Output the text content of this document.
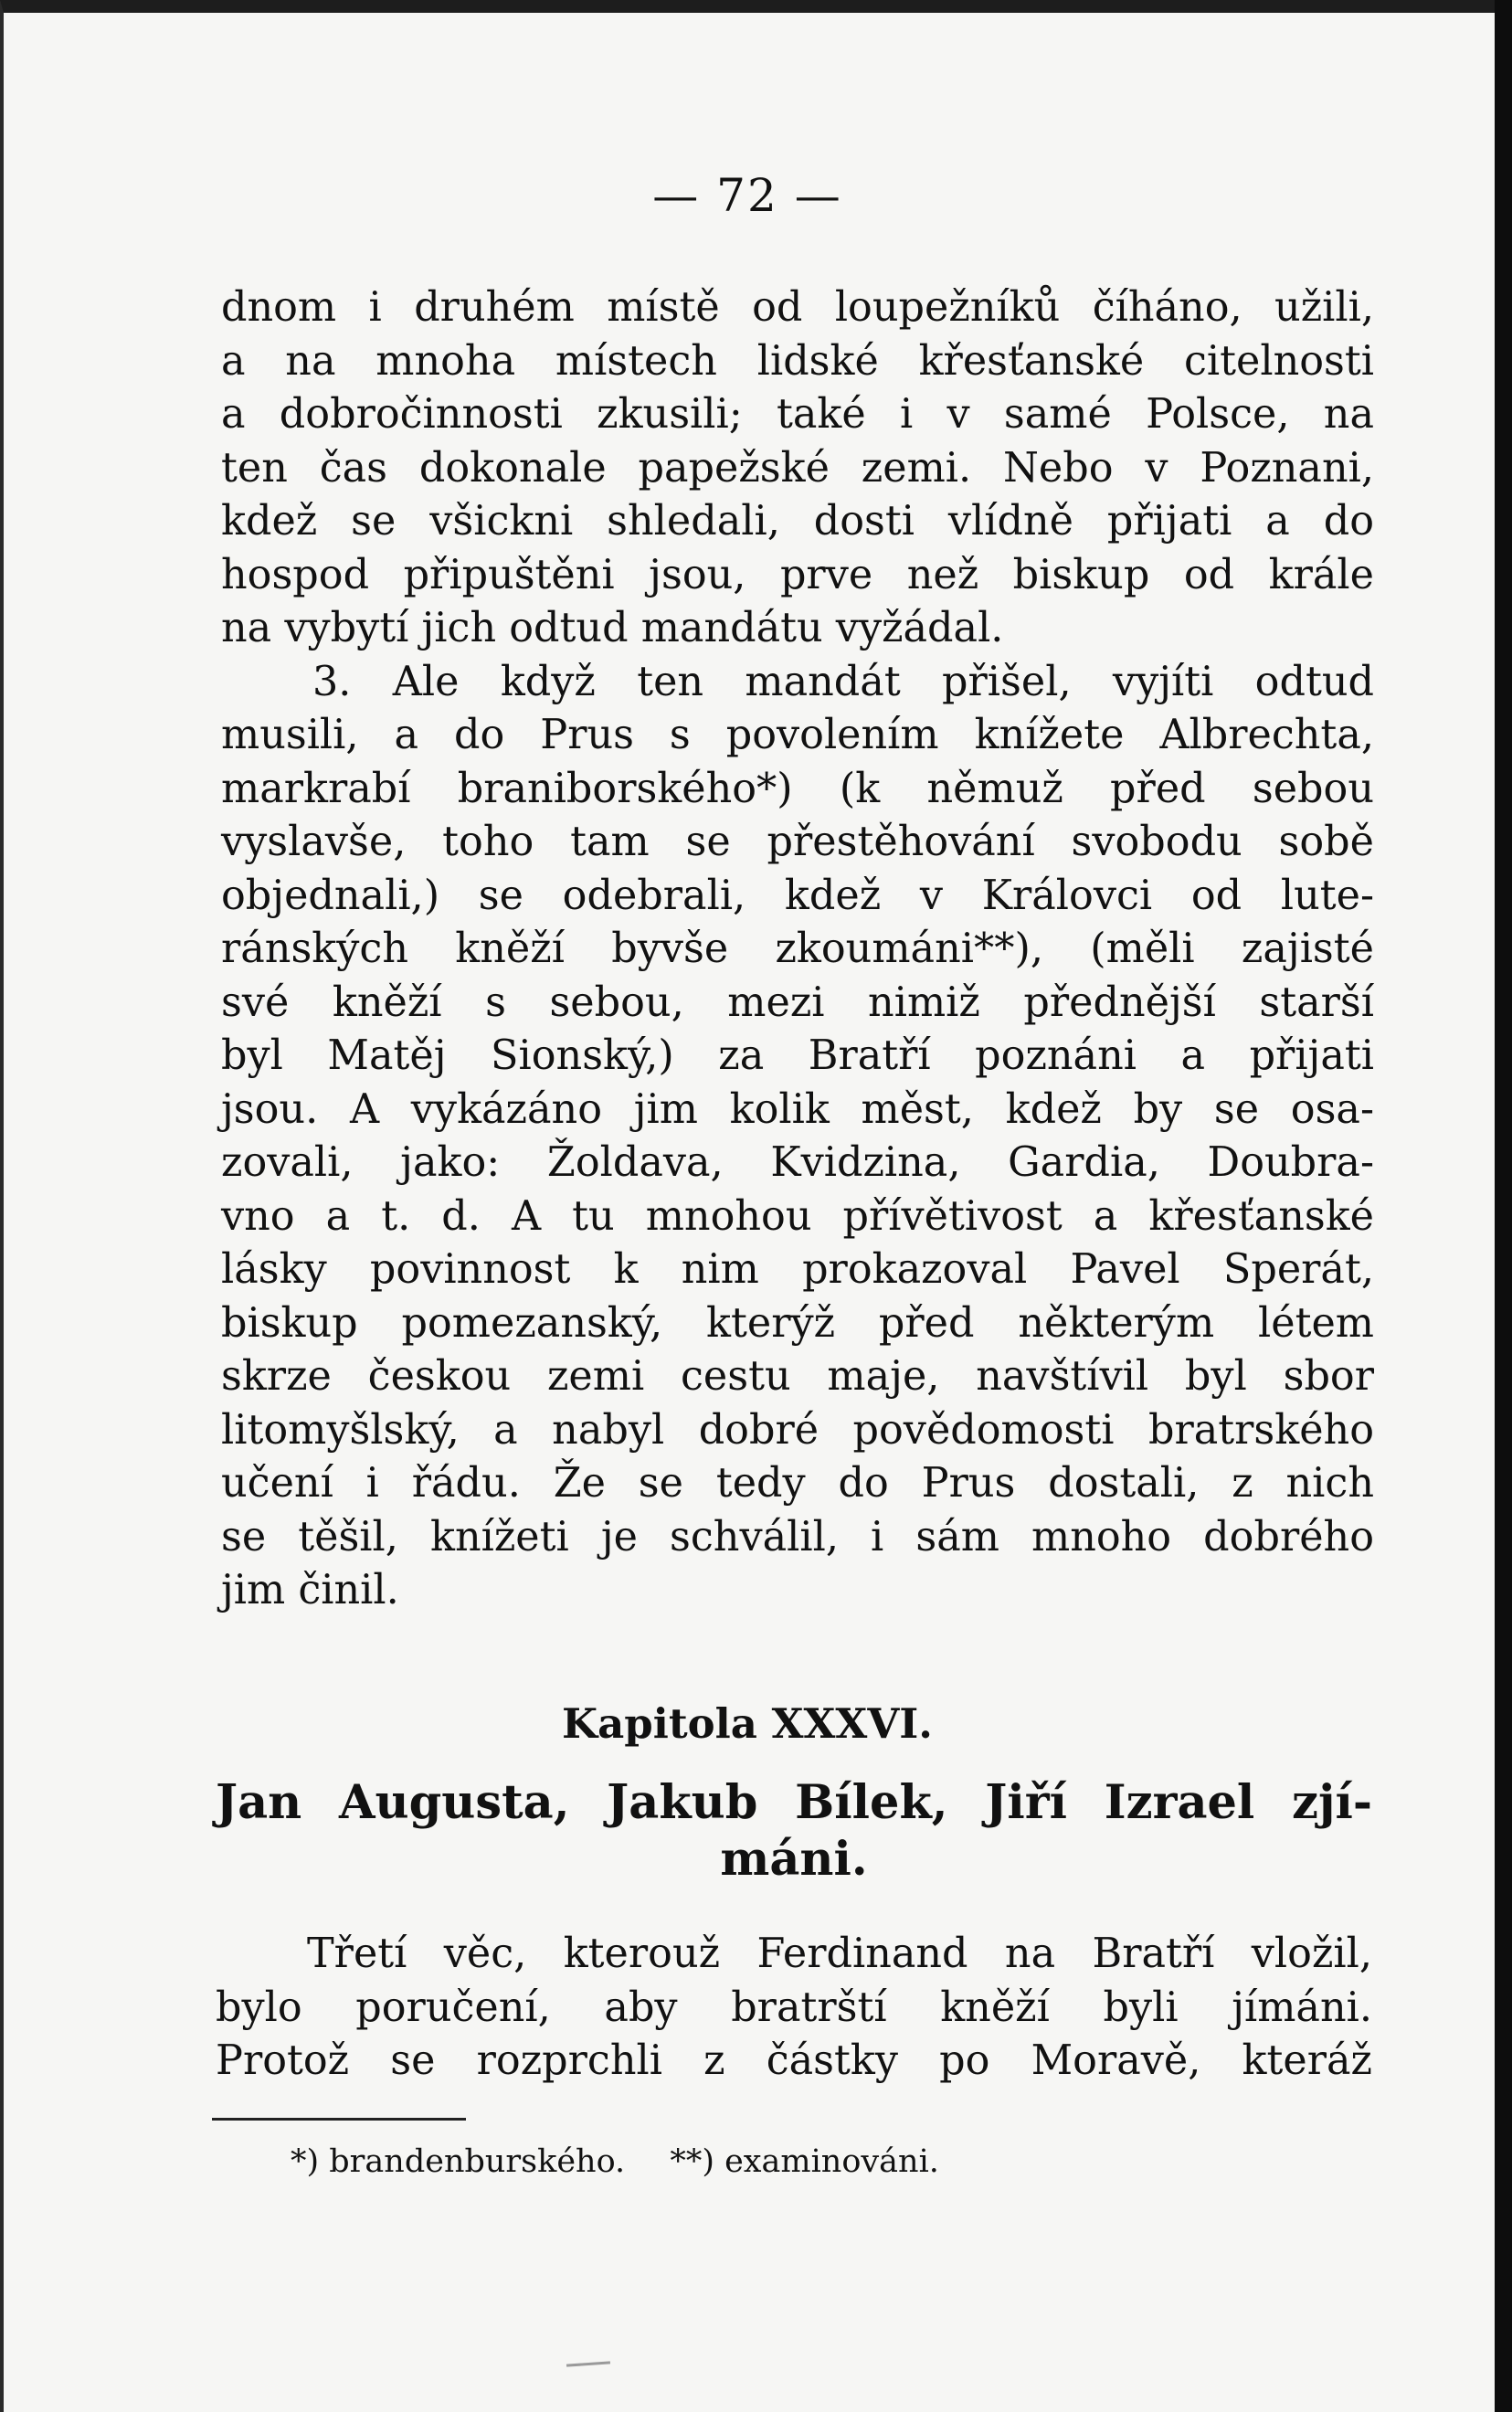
— 72 —
dnom i druhém místě od loupežníků číháno, užili,
a na mnoha místech lidské křesťanské citelnosti
a dobročinnosti zkusili; také i v samé Polsce, na
ten čas dokonale papežské zemi. Nebo v Poznani,
kdež se všickni shledali, dosti vlídně přijati a do
hospod připuštěni jsou, prve než biskup od krále
na vybytí jich odtud mandátu vyžádal.
3. Ale když ten mandát přišel, vyjíti odtud
musili, a do Prus s povolením knížete Albrechta,
markrabí braniborského*) (k němuž před sebou
vyslavše, toho tam se přestěhování svobodu sobě
objednali,) se odebrali, kdež v Královci od lute-
ránských kněží byvše zkoumáni**), (měli zajisté
své kněží s sebou, mezi nimiž přednější starší
byl Matěj Sionský,) za Bratří poznáni a přijati
jsou. A vykázáno jim kolik měst, kdež by se osa-
zovali, jako: Žoldava, Kvidzina, Gardia, Doubra-
vno a t. d. A tu mnohou přívětivost a křesťanské
lásky povinnost k nim prokazoval Pavel Sperát,
biskup pomezanský, kterýž před některým létem
skrze českou zemi cestu maje, navštívil byl sbor
litomyšlský, a nabyl dobré povědomosti bratrského
učení i řádu. Že se tedy do Prus dostali, z nich
se těšil, knížeti je schválil, i sám mnoho dobrého
jim činil.
Kapitola XXXVI.
Jan Augusta, Jakub Bílek, Jiří Izrael zjí-
máni.
Třetí věc, kterouž Ferdinand na Bratří vložil,
bylo poručení, aby bratrští kněží byli jímáni.
Protož se rozprchli z částky po Moravě, kteráž
*) brandenburského. **) examinováni.
